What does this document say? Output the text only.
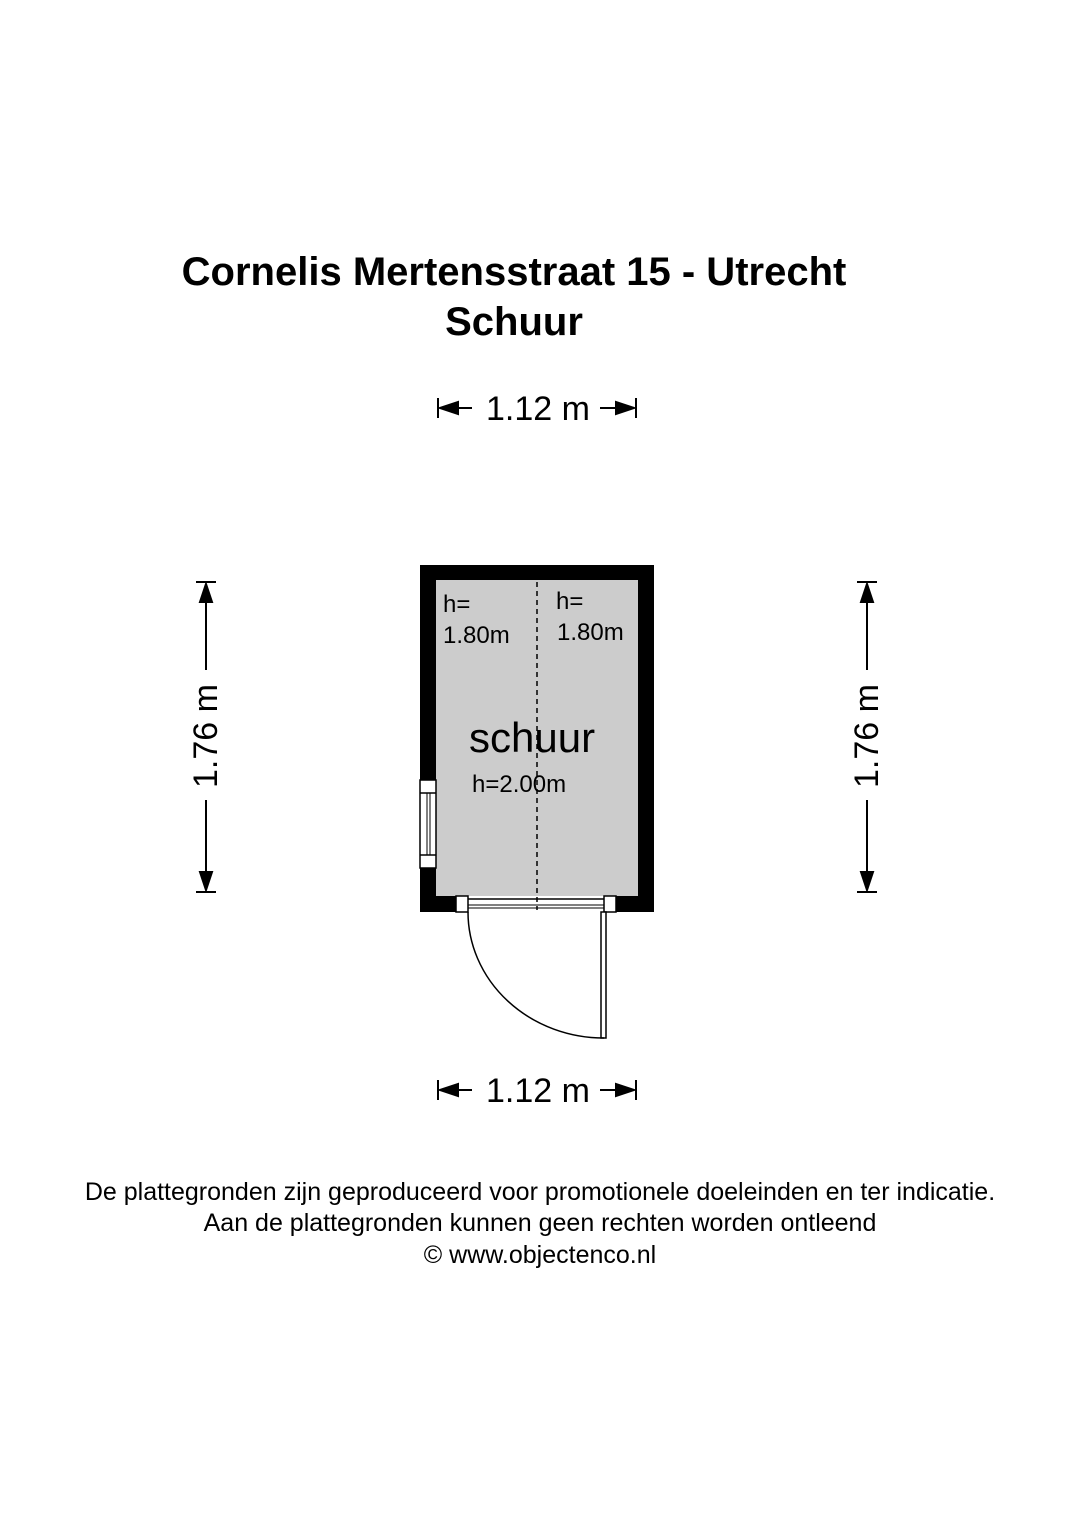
Cornelis Mertensstraat 15 - Utrecht
Schuur
1.12 m
1.12 m
1.76 m	1.76 m
h=
1.80m
h=
1.80m
schuur
h=2.00m
De plattegronden zijn geproduceerd voor promotionele doeleinden en ter indicatie.
Aan de plattegronden kunnen geen rechten worden ontleend
© www.objectenco.nl
